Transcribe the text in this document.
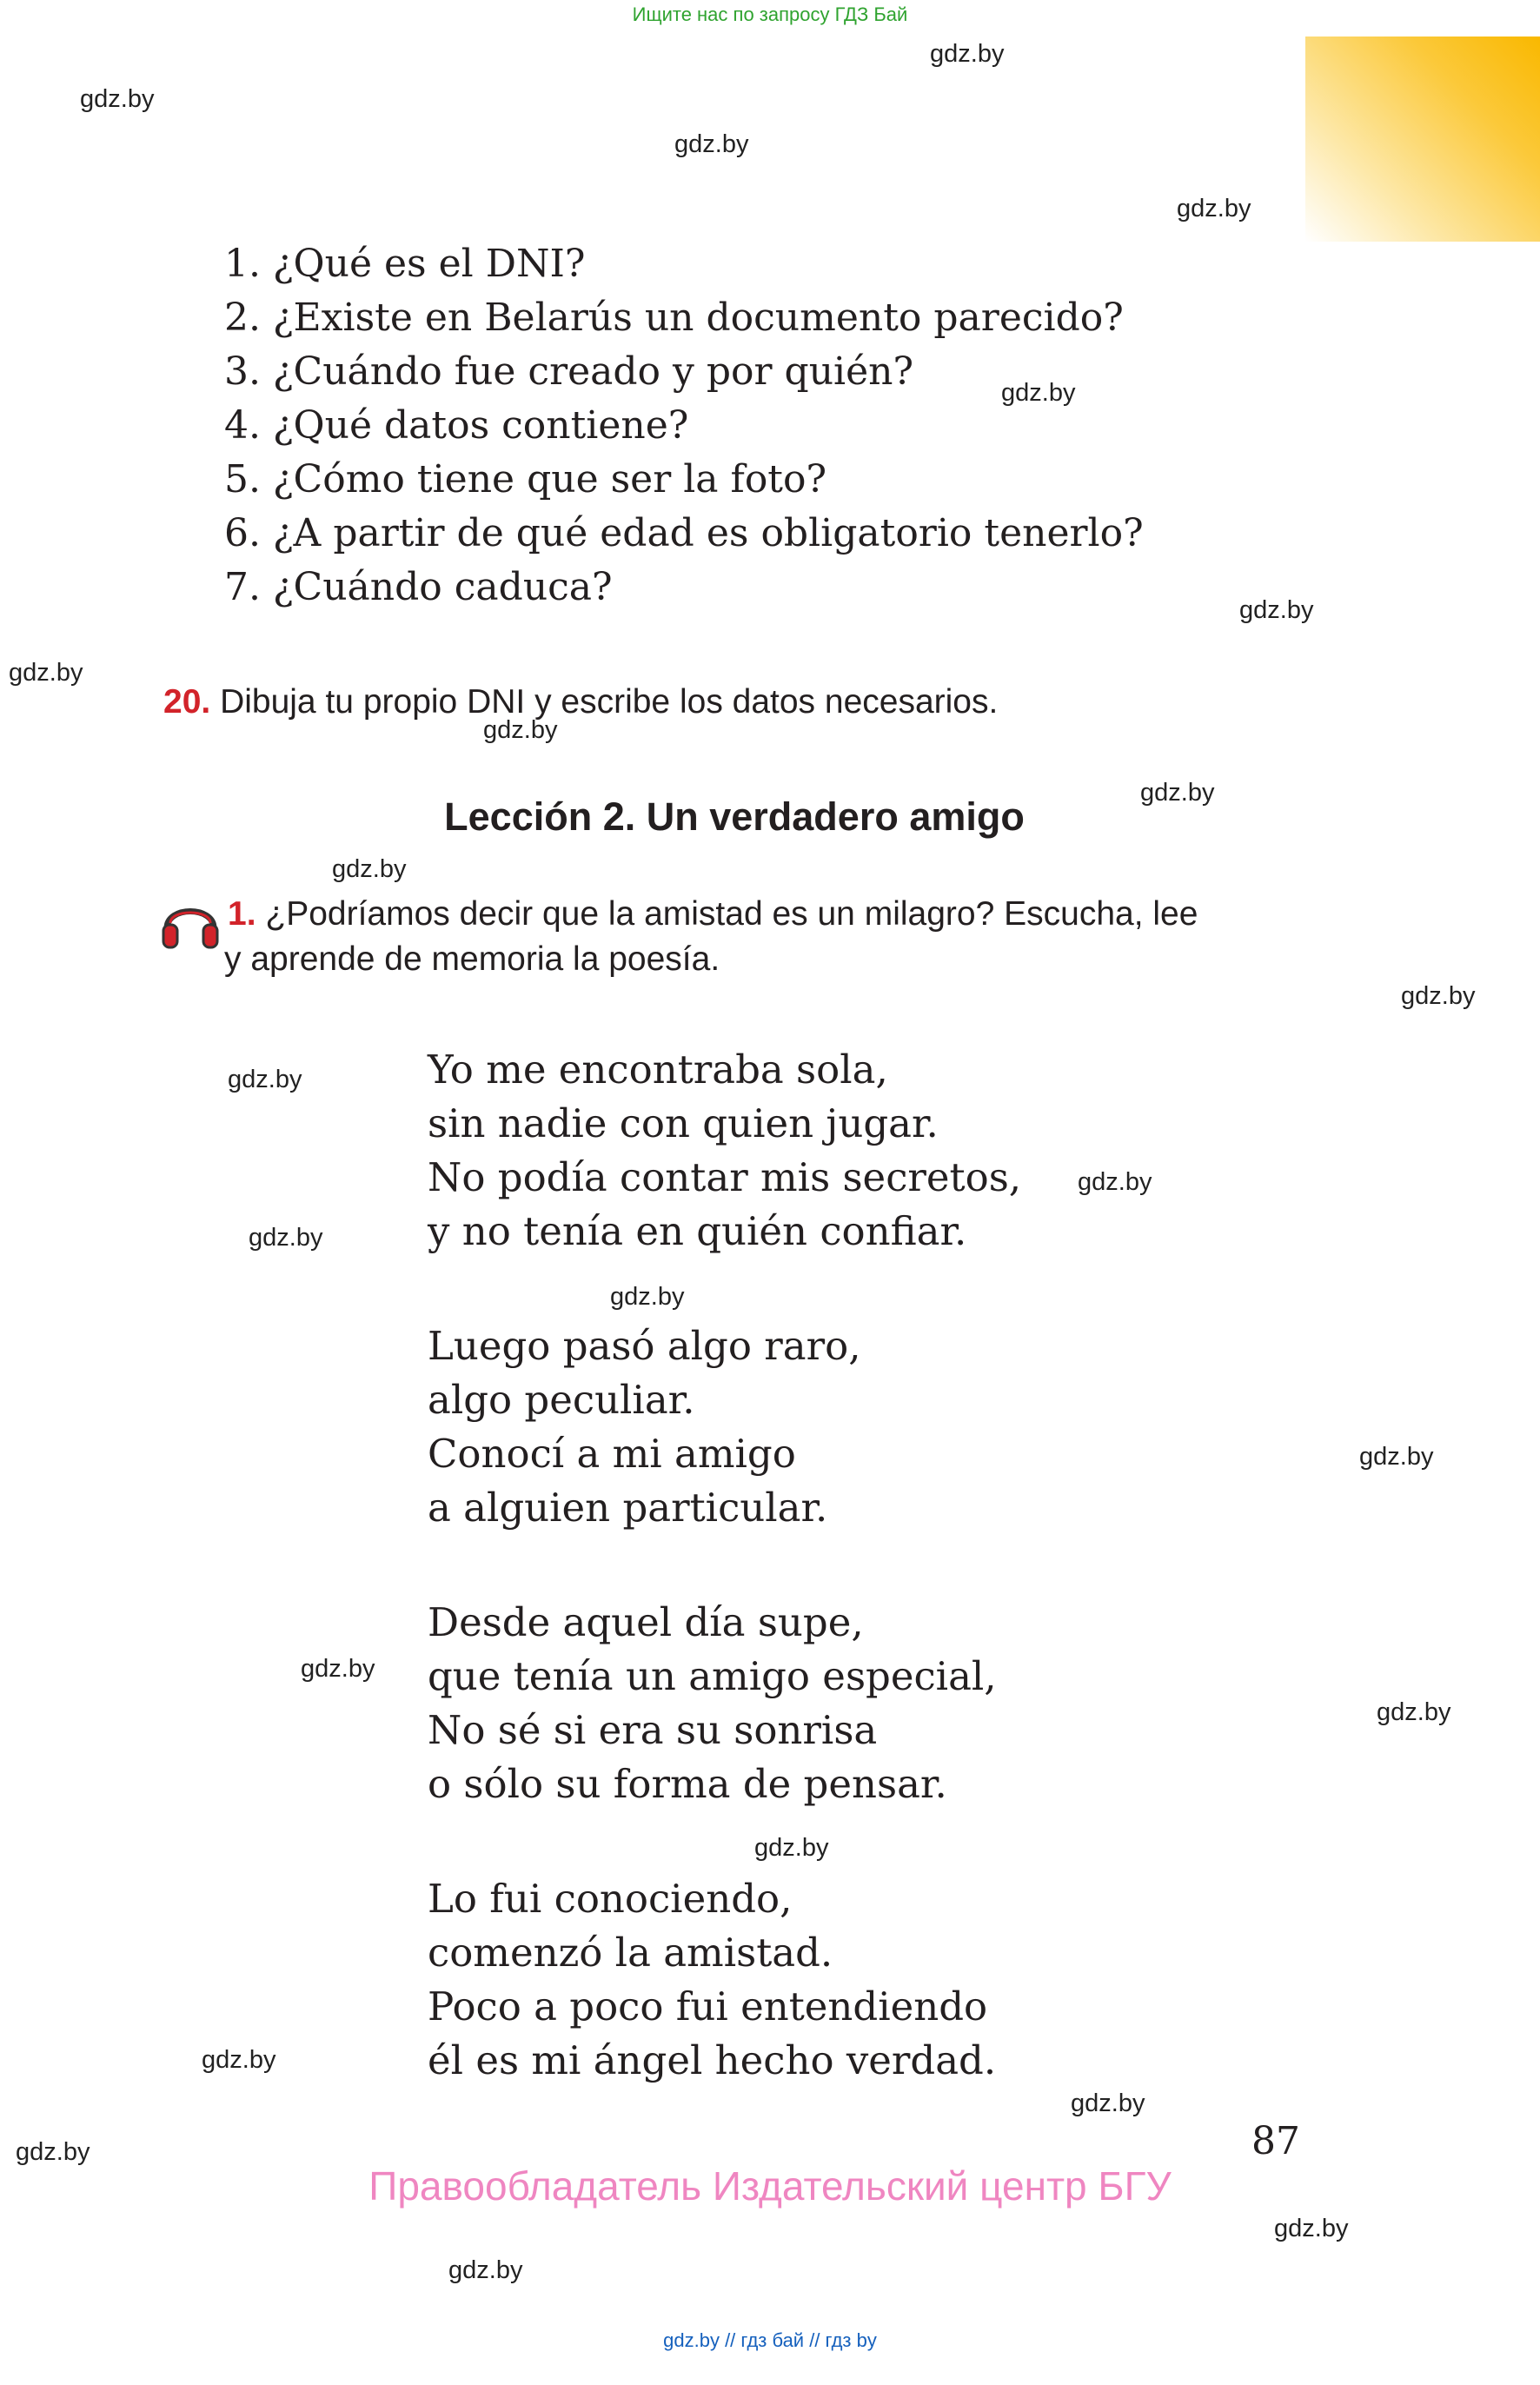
Ищите нас по запросу ГДЗ Бай
gdz.by
gdz.by
gdz.by
gdz.by
gdz.by
gdz.by
gdz.by
gdz.by
gdz.by
gdz.by
gdz.by
gdz.by
gdz.by
gdz.by
gdz.by
gdz.by
gdz.by
gdz.by
gdz.by
gdz.by
gdz.by
gdz.by
gdz.by
gdz.by
1. ¿Qué es el DNI?
2. ¿Existe en Belarús un documento parecido?
3. ¿Cuándo fue creado y por quién?
4. ¿Qué datos contiene?
5. ¿Cómo tiene que ser la foto?
6. ¿A partir de qué edad es obligatorio tenerlo?
7. ¿Cuándo caduca?
20. Dibuja tu propio DNI y escribe los datos necesarios.
Lección 2. Un verdadero amigo
1. ¿Podríamos decir que la amistad es un milagro? Escucha, lee
y aprende de memoria la poesía.
Yo me encontraba sola,
sin nadie con quien jugar.
No podía contar mis secretos,
y no tenía en quién confiar.
Luego pasó algo raro,
algo peculiar.
Conocí a mi amigo
a alguien particular.
Desde aquel día supe,
que tenía un amigo especial,
No sé si era su sonrisa
o sólo su forma de pensar.
Lo fui conociendo,
comenzó la amistad.
Poco a poco fui entendiendo
él es mi ángel hecho verdad.
87
Правообладатель Издательский центр БГУ
gdz.by // гдз бай // гдз by
